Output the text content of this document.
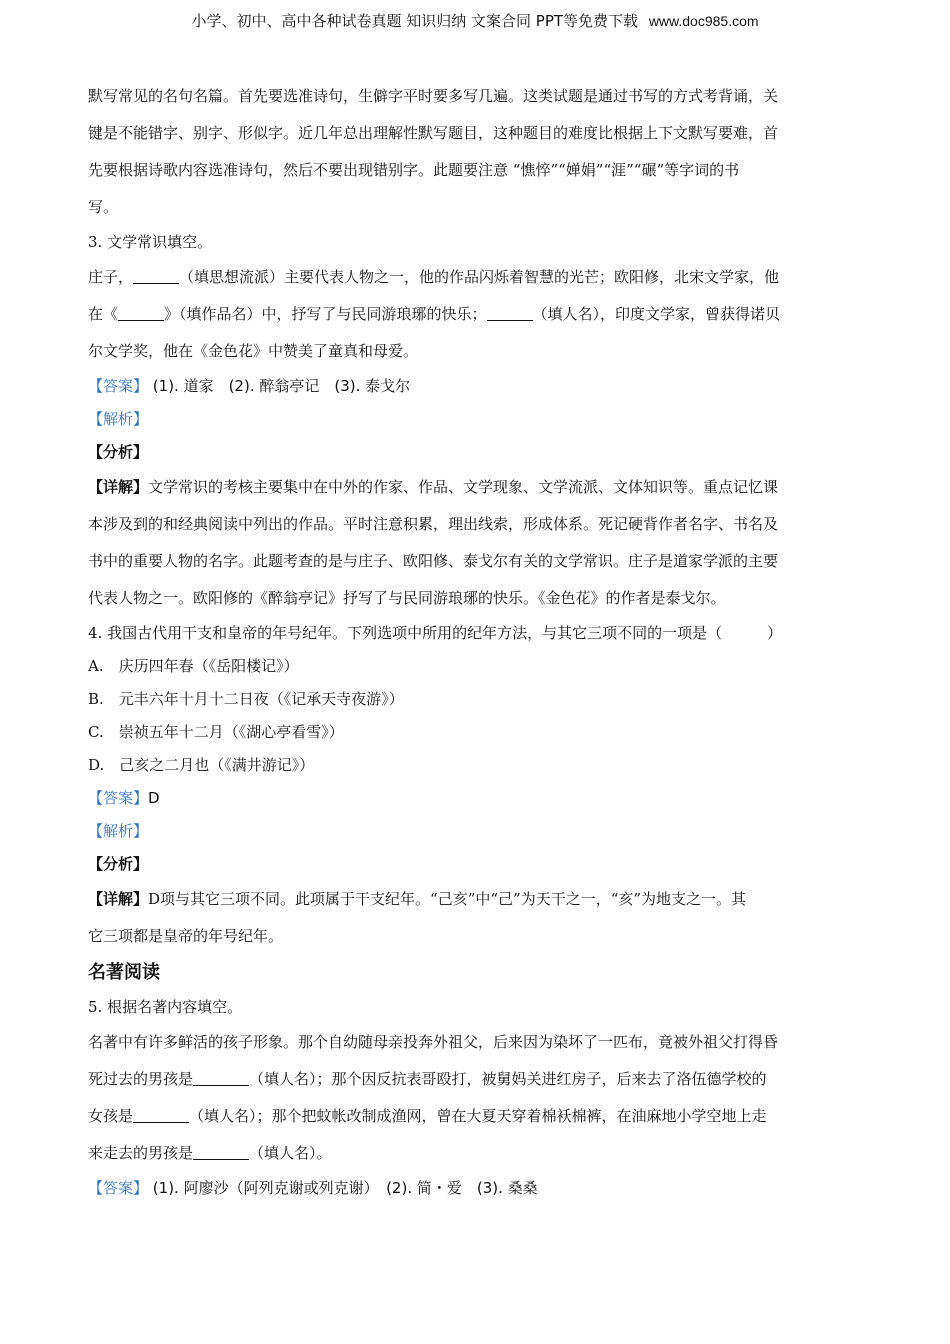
小学、初中、高中各种试卷真题 知识归纳 文案合同 PPT等免费下载 www.doc985.com

默写常见的名句名篇。首先要选准诗句，生僻字平时要多写几遍。这类试题是通过书写的方式考背诵，关

键是不能错字、别字、形似字。近几年总出理解性默写题目，这种题目的难度比根据上下文默写要难，首

先要根据诗歌内容选准诗句，然后不要出现错别字。此题要注意 “憔悴”“婵娟”“涯”“碾”等字词的书

写。

3. 文学常识填空。

庄子，	（填思想流派）主要代表人物之一，他的作品闪烁着智慧的光芒；欧阳修，北宋文学家，他

在《	》（填作品名）中，抒写了与民同游琅琊的快乐；	（填人名），印度文学家，曾获得诺贝

尔文学奖，他在《金色花》中赞美了童真和母爱。

【答案】 (1). 道家　(2). 醉翁亭记　(3). 泰戈尔

【解析】

【分析】

【详解】文学常识的考核主要集中在中外的作家、作品、文学现象、文学流派、文体知识等。重点记忆课

本涉及到的和经典阅读中列出的作品。平时注意积累，理出线索，形成体系。死记硬背作者名字、书名及

书中的重要人物的名字。此题考查的是与庄子、欧阳修、泰戈尔有关的文学常识。庄子是道家学派的主要

代表人物之一。欧阳修的《醉翁亭记》抒写了与民同游琅琊的快乐。《金色花》的作者是泰戈尔。

4. 我国古代用干支和皇帝的年号纪年。下列选项中所用的纪年方法，与其它三项不同的一项是（　　　）

A.　庆历四年春（《岳阳楼记》）

B.　元丰六年十月十二日夜（《记承天寺夜游》）

C.　崇祯五年十二月（《湖心亭看雪》）

D.　己亥之二月也（《满井游记》）

【答案】D

【解析】

【分析】

【详解】D项与其它三项不同。此项属于干支纪年。“己亥”中“己”为天干之一，“亥”为地支之一。其

它三项都是皇帝的年号纪年。

名著阅读

5. 根据名著内容填空。

名著中有许多鲜活的孩子形象。那个自幼随母亲投奔外祖父，后来因为染坏了一匹布，竟被外祖父打得昏

死过去的男孩是	（填人名）；那个因反抗表哥殴打，被舅妈关进红房子，后来去了洛伍德学校的

女孩是	（填人名）；那个把蚊帐改制成渔网，曾在大夏天穿着棉袄棉裤，在油麻地小学空地上走

来走去的男孩是	（填人名）。

【答案】 (1). 阿廖沙（阿列克谢或列克谢）　(2). 简・爱　(3). 桑桑
